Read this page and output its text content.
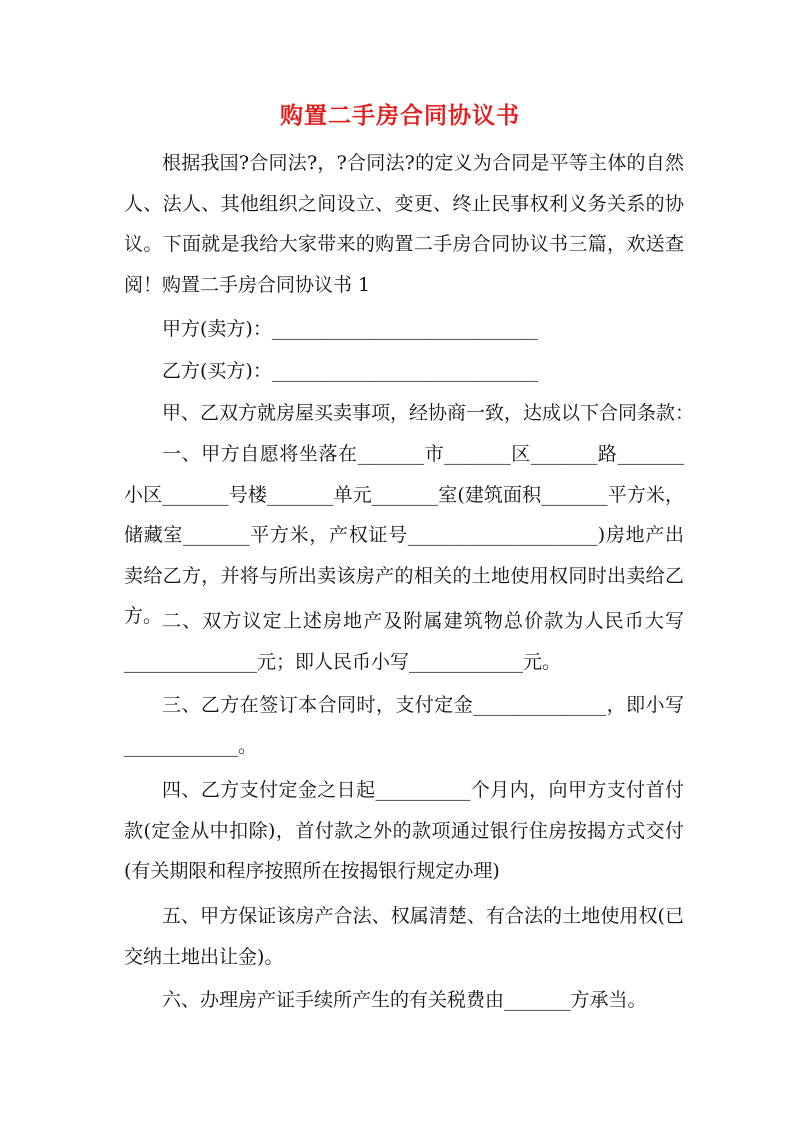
购置二手房合同协议书

根据我国?合同法?，?合同法?的定义为合同是平等主体的自然人、法人、其他组织之间设立、变更、终止民事权利义务关系的协议。下面就是我给大家带来的购置二手房合同协议书三篇，欢送查阅！ 购置二手房合同协议书 1

甲方(卖方)：____________________________

乙方(买方)：____________________________

甲、乙双方就房屋买卖事项，经协商一致，达成以下合同条款：

一、甲方自愿将坐落在_______市_______区_______路_______小区_______号楼_______单元_______室(建筑面积_______平方米，储藏室_______平方米，产权证号____________________)房地产出卖给乙方，并将与所出卖该房产的相关的土地使用权同时出卖给乙方。 二、双方议定上述房地产及附属建筑物总价款为人民币大写______________元；即人民币小写____________元。

三、乙方在签订本合同时，支付定金______________，即小写____________。

四、乙方支付定金之日起__________个月内，向甲方支付首付款(定金从中扣除)，首付款之外的款项通过银行住房按揭方式交付(有关期限和程序按照所在按揭银行规定办理)

五、甲方保证该房产合法、权属清楚、有合法的土地使用权(已交纳土地出让金)。

六、办理房产证手续所产生的有关税费由_______方承当。
